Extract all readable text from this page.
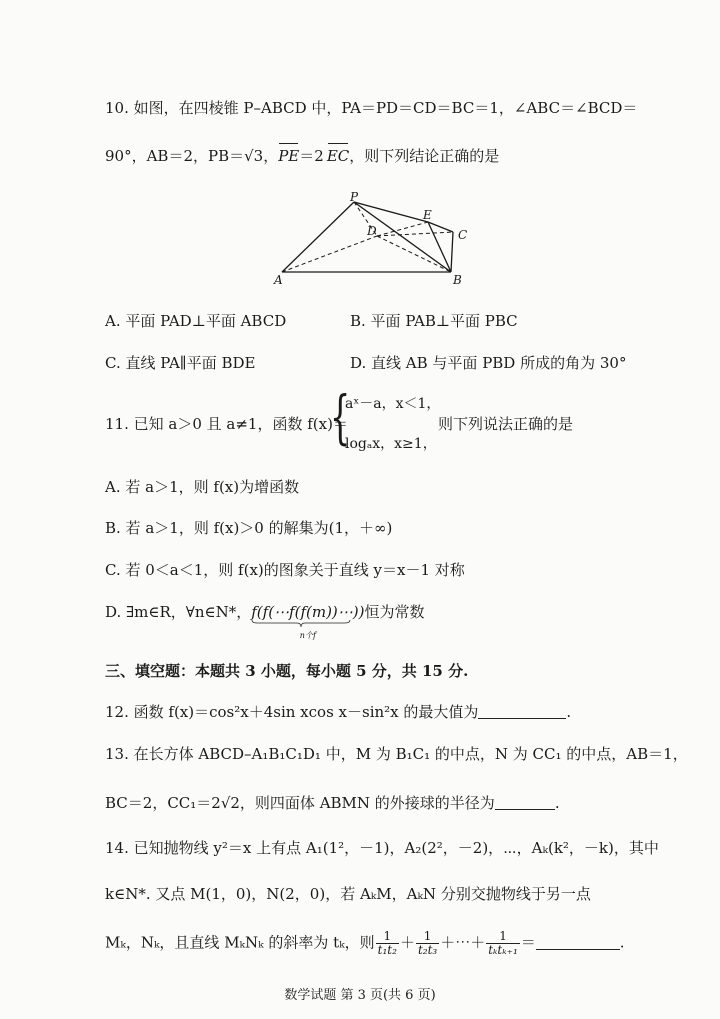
10. 如图，在四棱锥 P–ABCD 中，PA＝PD＝CD＝BC＝1，∠ABC＝∠BCD＝
90°，AB＝2，PB＝√3，
PE＝2 EC，则下列结论正确的是
P
A	B
C
D
E
A. 平面 PAD⊥平面 ABCD	B. 平面 PAB⊥平面 PBC
C. 直线 PA∥平面 BDE	D. 直线 AB 与平面 PBD 所成的角为 30°
11. 已知 a＞0 且 a≠1，函数 f(x)＝
{
aˣ－a，x＜1，
logₐx，x≥1，
则下列说法正确的是
A. 若 a＞1，则 f(x)为增函数
B. 若 a＞1，则 f(x)＞0 的解集为(1，＋∞)
C. 若 0＜a＜1，则 f(x)的图象关于直线 y＝x－1 对称
D. ∃m∈R，∀n∈N*，f(f(⋯f(f(m))⋯))
n个f
恒为常数
三、填空题：本题共 3 小题，每小题 5 分，共 15 分.
12. 函数 f(x)＝cos²x＋4sin xcos x－sin²x 的最大值为	.
13. 在长方体 ABCD–A₁B₁C₁D₁ 中，M 为 B₁C₁ 的中点，N 为 CC₁ 的中点，AB＝1，
BC＝2，CC₁＝2√2，则四面体 ABMN 的外接球的半径为	.
14. 已知抛物线 y²＝x 上有点 A₁(1²，－1)，A₂(2²，－2)，⋯，Aₖ(k²，－k)，其中
k∈N*. 又点 M(1，0)，N(2，0)，若 AₖM，AₖN 分别交抛物线于另一点
Mₖ，Nₖ，且直线 MₖNₖ 的斜率为 tₖ，则 $\frac{1}{\text{t₁t₂}} + \frac{1}{\text{t₂t₃}}$ ＋⋯＋ $\frac{1}{\text{tₖtₖ₊₁}}$ ＝	.
数学试题 第 3 页(共 6 页)
